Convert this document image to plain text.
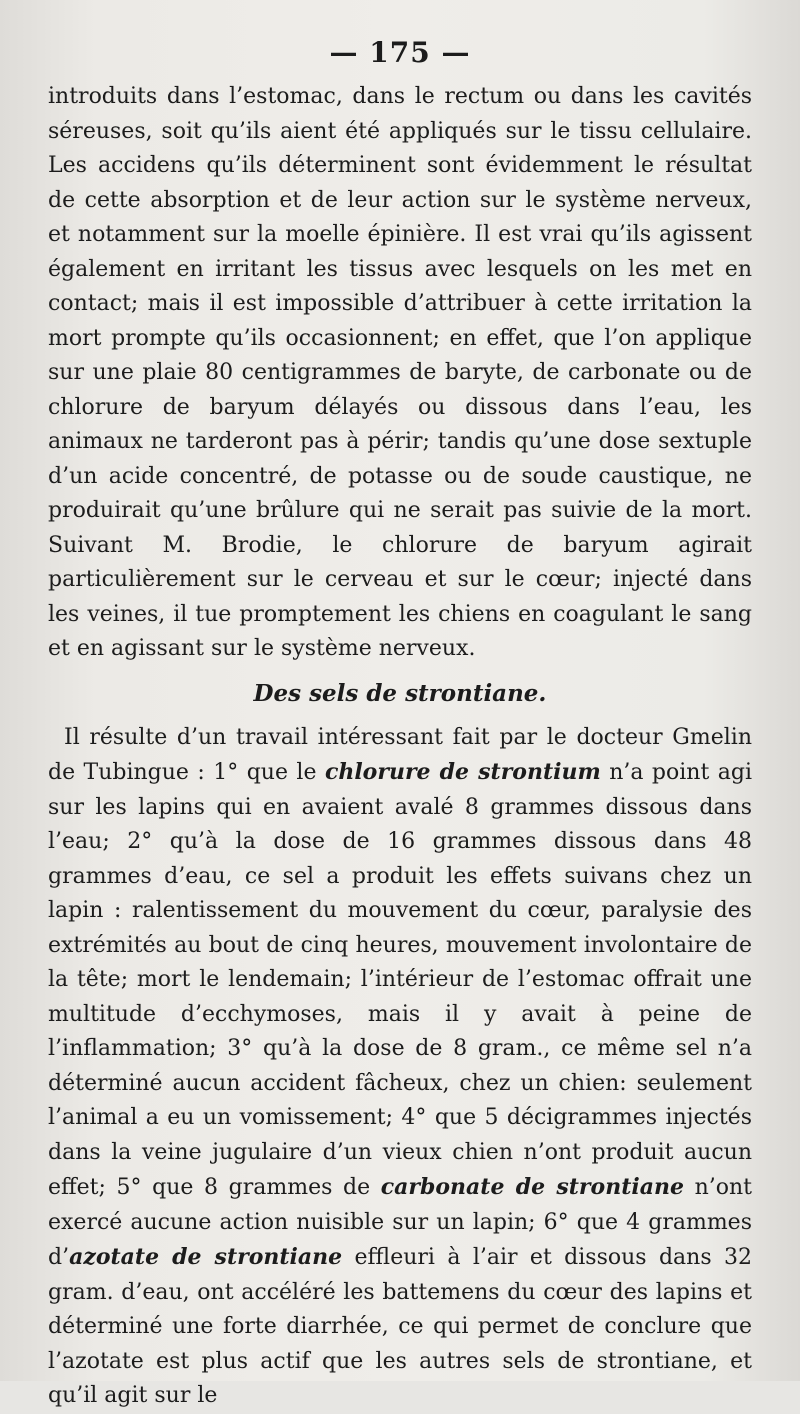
— 175 —

introduits dans l’estomac, dans le rectum ou dans les cavités séreuses, soit qu’ils aient été appliqués sur le tissu cellulaire. Les accidens qu’ils déterminent sont évidemment le résultat de cette absorption et de leur action sur le système nerveux, et notamment sur la moelle épinière. Il est vrai qu’ils agissent également en irritant les tissus avec lesquels on les met en contact; mais il est impossible d’attribuer à cette irritation la mort prompte qu’ils occasionnent; en effet, que l’on applique sur une plaie 80 centigrammes de baryte, de carbonate ou de chlorure de baryum délayés ou dissous dans l’eau, les animaux ne tarderont pas à périr; tandis qu’une dose sextuple d’un acide concentré, de potasse ou de soude caustique, ne produirait qu’une brûlure qui ne serait pas suivie de la mort. Suivant M. Brodie, le chlorure de baryum agirait particulièrement sur le cerveau et sur le cœur; injecté dans les veines, il tue promptement les chiens en coagulant le sang et en agissant sur le système nerveux.

Des sels de strontiane.

Il résulte d’un travail intéressant fait par le docteur Gmelin de Tubingue : 1° que le chlorure de strontium n’a point agi sur les lapins qui en avaient avalé 8 grammes dissous dans l’eau; 2° qu’à la dose de 16 grammes dissous dans 48 grammes d’eau, ce sel a produit les effets suivans chez un lapin : ralentissement du mouvement du cœur, paralysie des extrémités au bout de cinq heures, mouvement involontaire de la tête; mort le lendemain; l’intérieur de l’estomac offrait une multitude d’ecchymoses, mais il y avait à peine de l’inflammation; 3° qu’à la dose de 8 gram., ce même sel n’a déterminé aucun accident fâcheux, chez un chien: seulement l’animal a eu un vomissement; 4° que 5 décigrammes injectés dans la veine jugulaire d’un vieux chien n’ont produit aucun effet; 5° que 8 grammes de carbonate de strontiane n’ont exercé aucune action nuisible sur un lapin; 6° que 4 grammes d’azotate de strontiane effleuri à l’air et dissous dans 32 gram. d’eau, ont accéléré les battemens du cœur des lapins et déterminé une forte diarrhée, ce qui permet de conclure que l’azotate est plus actif que les autres sels de strontiane, et qu’il agit sur le
